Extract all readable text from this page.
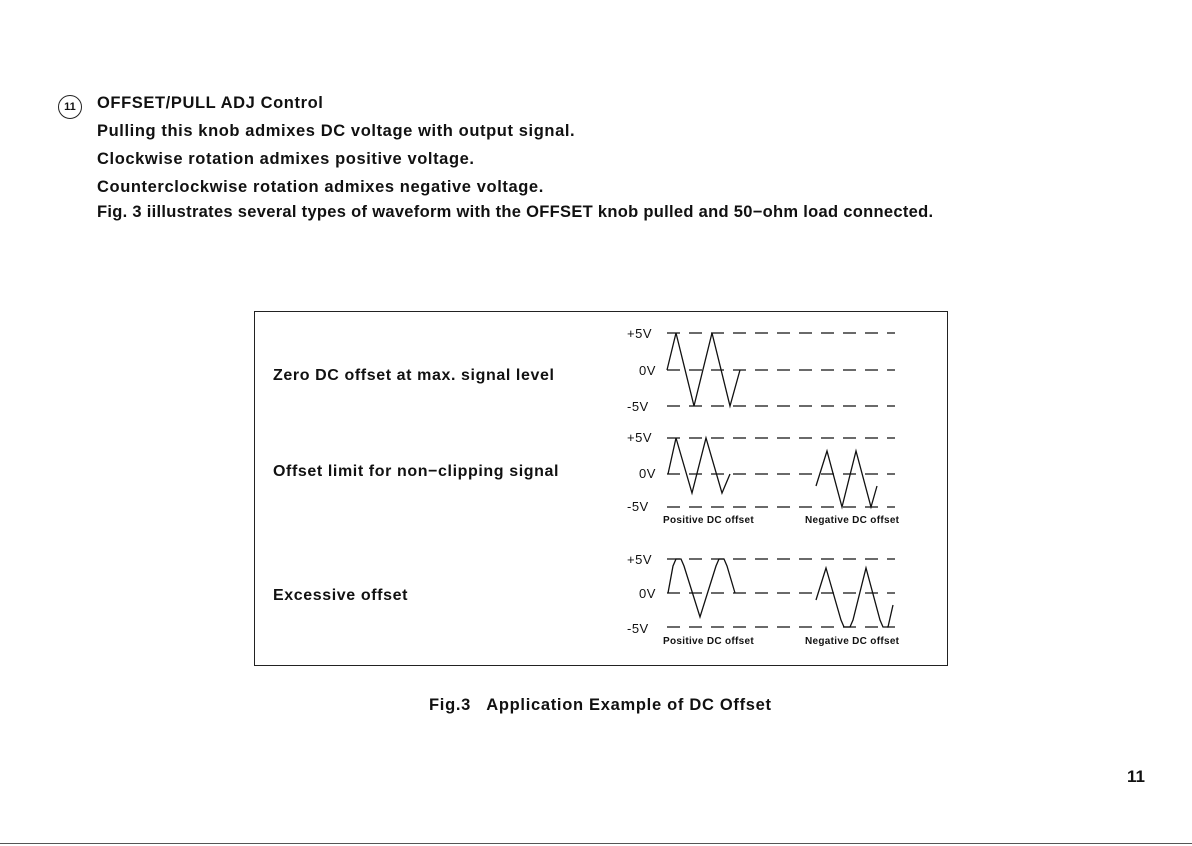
11	OFFSET/PULL ADJ Control
Pulling this knob admixes DC voltage with output signal.
Clockwise rotation admixes positive voltage.
Counterclockwise rotation admixes negative voltage.
Fig. 3 iillustrates several types of waveform with the OFFSET knob pulled and 50−ohm load connected.
Zero DC offset at max. signal level
Offset limit for non−clipping signal
Excessive offset
+5V
0V
-5V
+5V
0V
-5V
+5V
0V
-5V
Positive DC offset	Negative DC offset
Positive DC offset	Negative DC offset
Fig.3   Application Example of DC Offset
11
